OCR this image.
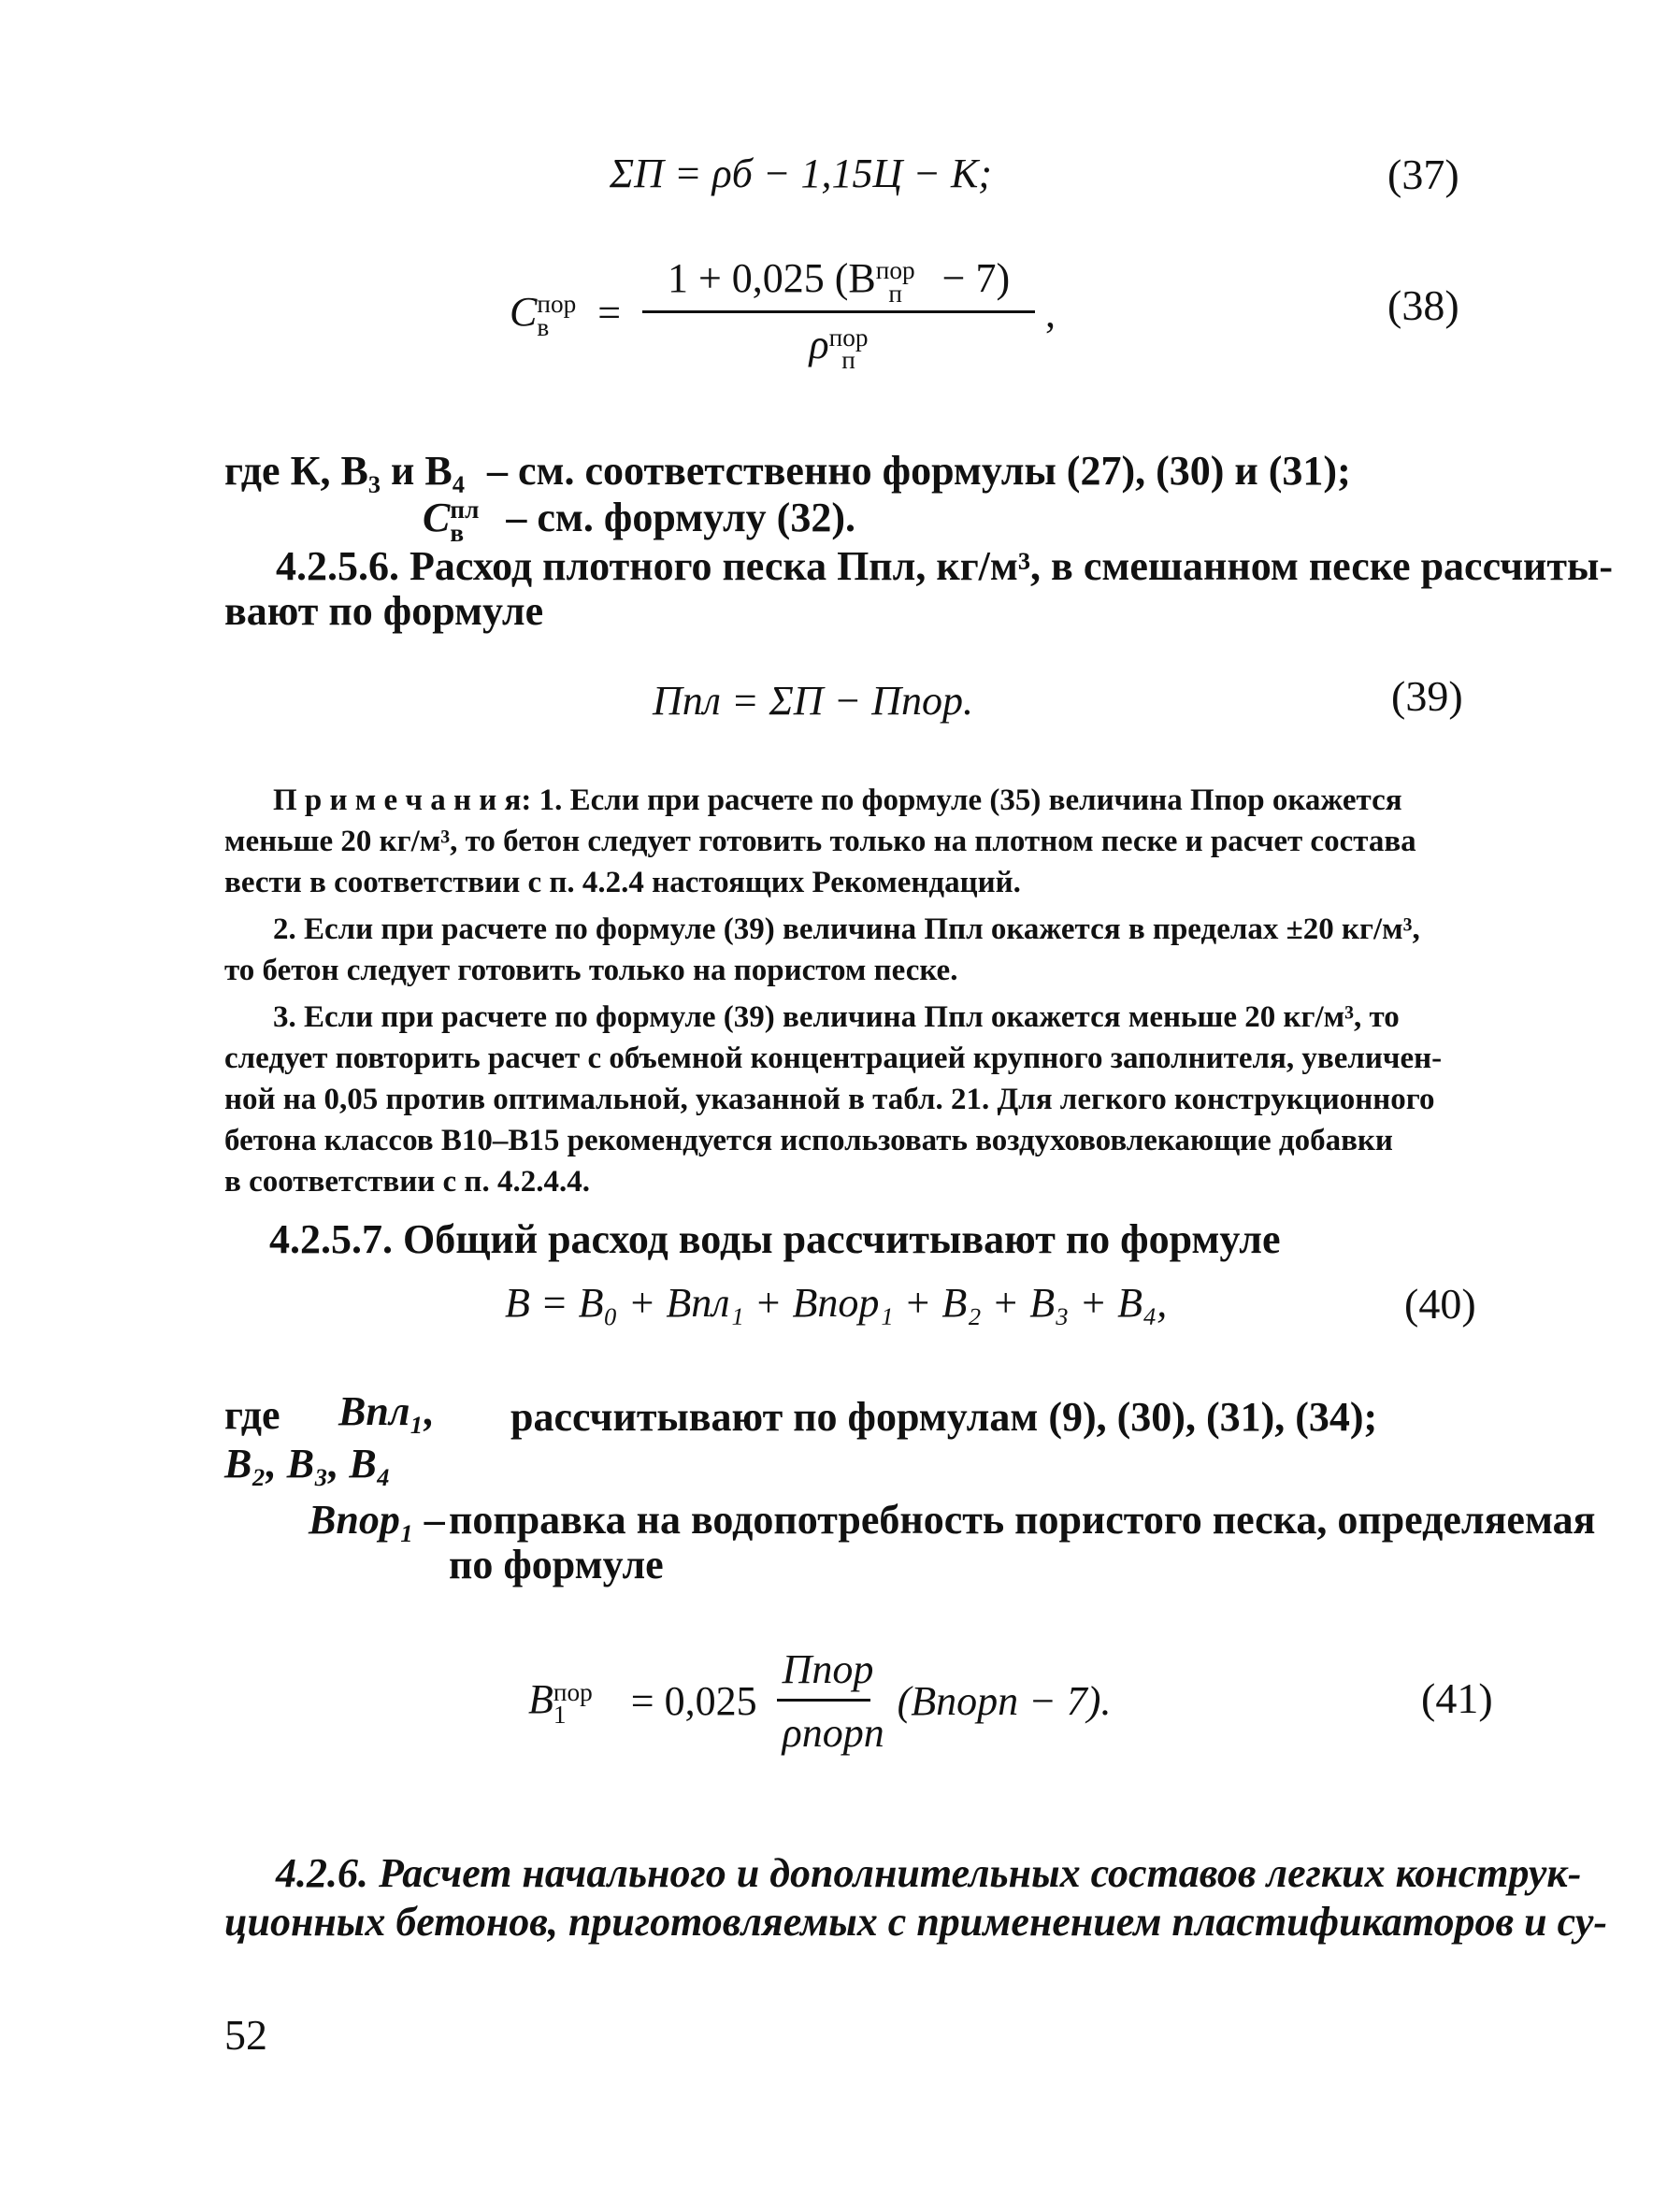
ΣП = ρб − 1,15Ц − К;	(37)
C пор
в	= 1 + 0,025 (B пор
п − 7)
ρ пор
п ,	(38)
где К, В₃ и В₄ – см. соответственно формулы (27), (30) и (31);
C пл
в	– см. формулу (32).
4.2.5.6. Расход плотного песка Ппл, кг/м³, в смешанном песке рассчиты-
вают по формуле
Ппл = ΣП − Ппор.	(39)

П р и м е ч а н и я: 1. Если при расчете по формуле (35) величина Ппор окажется

меньше 20 кг/м³, то бетон следует готовить только на плотном песке и расчет состава

вести в соответствии с п. 4.2.4 настоящих Рекомендаций.

2. Если при расчете по формуле (39) величина Ппл окажется в пределах ±20 кг/м³,

то бетон следует готовить только на пористом песке.

3. Если при расчете по формуле (39) величина Ппл окажется меньше 20 кг/м³, то

следует повторить расчет с объемной концентрацией крупного заполнителя, увеличен-

ной на 0,05 против оптимальной, указанной в табл. 21. Для легкого конструкционного

бетона классов В10–В15 рекомендуется использовать воздухововлекающие добавки

в соответствии с п. 4.2.4.4.

4.2.5.7. Общий расход воды рассчитывают по формуле
B = B₀ + Bпл₁ + Bпор₁ + B₂ + B₃ + B₄,	(40)
где Bпл₁, рассчитывают по формулам (9), (30), (31), (34);
B₂, B₃, B₄
Bпор₁ – поправка на водопотребность пористого песка, определяемая
по формуле
B пор
1	= $0,025 \frac{\text{Ппор}}{\text{ρпорп}}$ (Bпорп − 7).	(41)
4.2.6. Расчет начального и дополнительных составов легких конструк-
ционных бетонов, приготовляемых с применением пластификаторов и су-
52
